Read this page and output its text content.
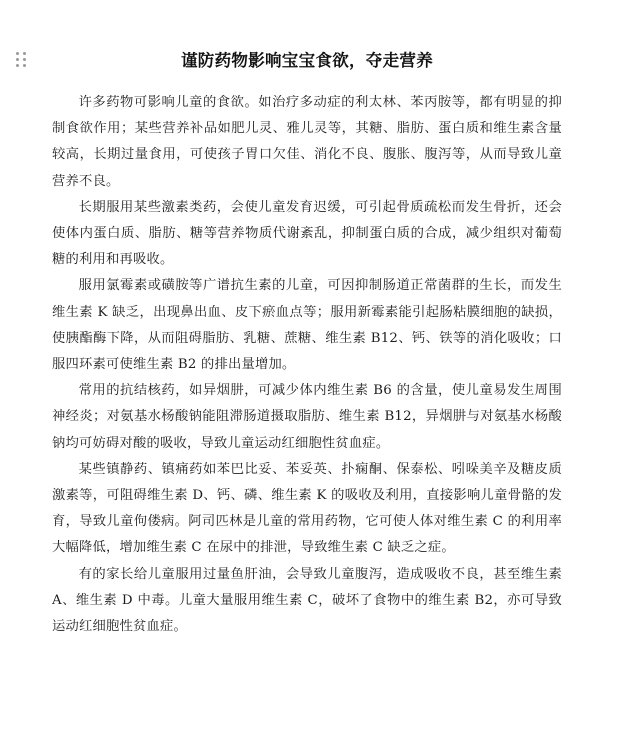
谨防药物影响宝宝食欲，夺走营养

许多药物可影响儿童的食欲。如治疗多动症的利太林、苯丙胺等，都有明显的抑制食欲作用；某些营养补品如肥儿灵、雅儿灵等，其糖、脂肪、蛋白质和维生素含量较高，长期过量食用，可使孩子胃口欠佳、消化不良、腹胀、腹泻等，从而导致儿童营养不良。

长期服用某些激素类药，会使儿童发育迟缓，可引起骨质疏松而发生骨折，还会使体内蛋白质、脂肪、糖等营养物质代谢紊乱，抑制蛋白质的合成，减少组织对葡萄糖的利用和再吸收。

服用氯霉素或磺胺等广谱抗生素的儿童，可因抑制肠道正常菌群的生长，而发生维生素 K 缺乏，出现鼻出血、皮下瘀血点等；服用新霉素能引起肠粘膜细胞的缺损，使胰酯酶下降，从而阻碍脂肪、乳糖、蔗糖、维生素 B12、钙、铁等的消化吸收；口服四环素可使维生素 B2 的排出量增加。

常用的抗结核药，如异烟肼，可减少体内维生素 B6 的含量，使儿童易发生周围神经炎；对氨基水杨酸钠能阻滞肠道摄取脂肪、维生素 B12，异烟肼与对氨基水杨酸钠均可妨碍对酸的吸收，导致儿童运动红细胞性贫血症。

某些镇静药、镇痛药如苯巴比妥、苯妥英、扑痫酮、保泰松、吲哚美辛及糖皮质激素等，可阻碍维生素 D、钙、磷、维生素 K 的吸收及利用，直接影响儿童骨骼的发育，导致儿童佝偻病。阿司匹林是儿童的常用药物，它可使人体对维生素 C 的利用率大幅降低，增加维生素 C 在尿中的排泄，导致维生素 C 缺乏之症。

有的家长给儿童服用过量鱼肝油，会导致儿童腹泻，造成吸收不良，甚至维生素 A、维生素 D 中毒。儿童大量服用维生素 C，破坏了食物中的维生素 B2，亦可导致运动红细胞性贫血症。
